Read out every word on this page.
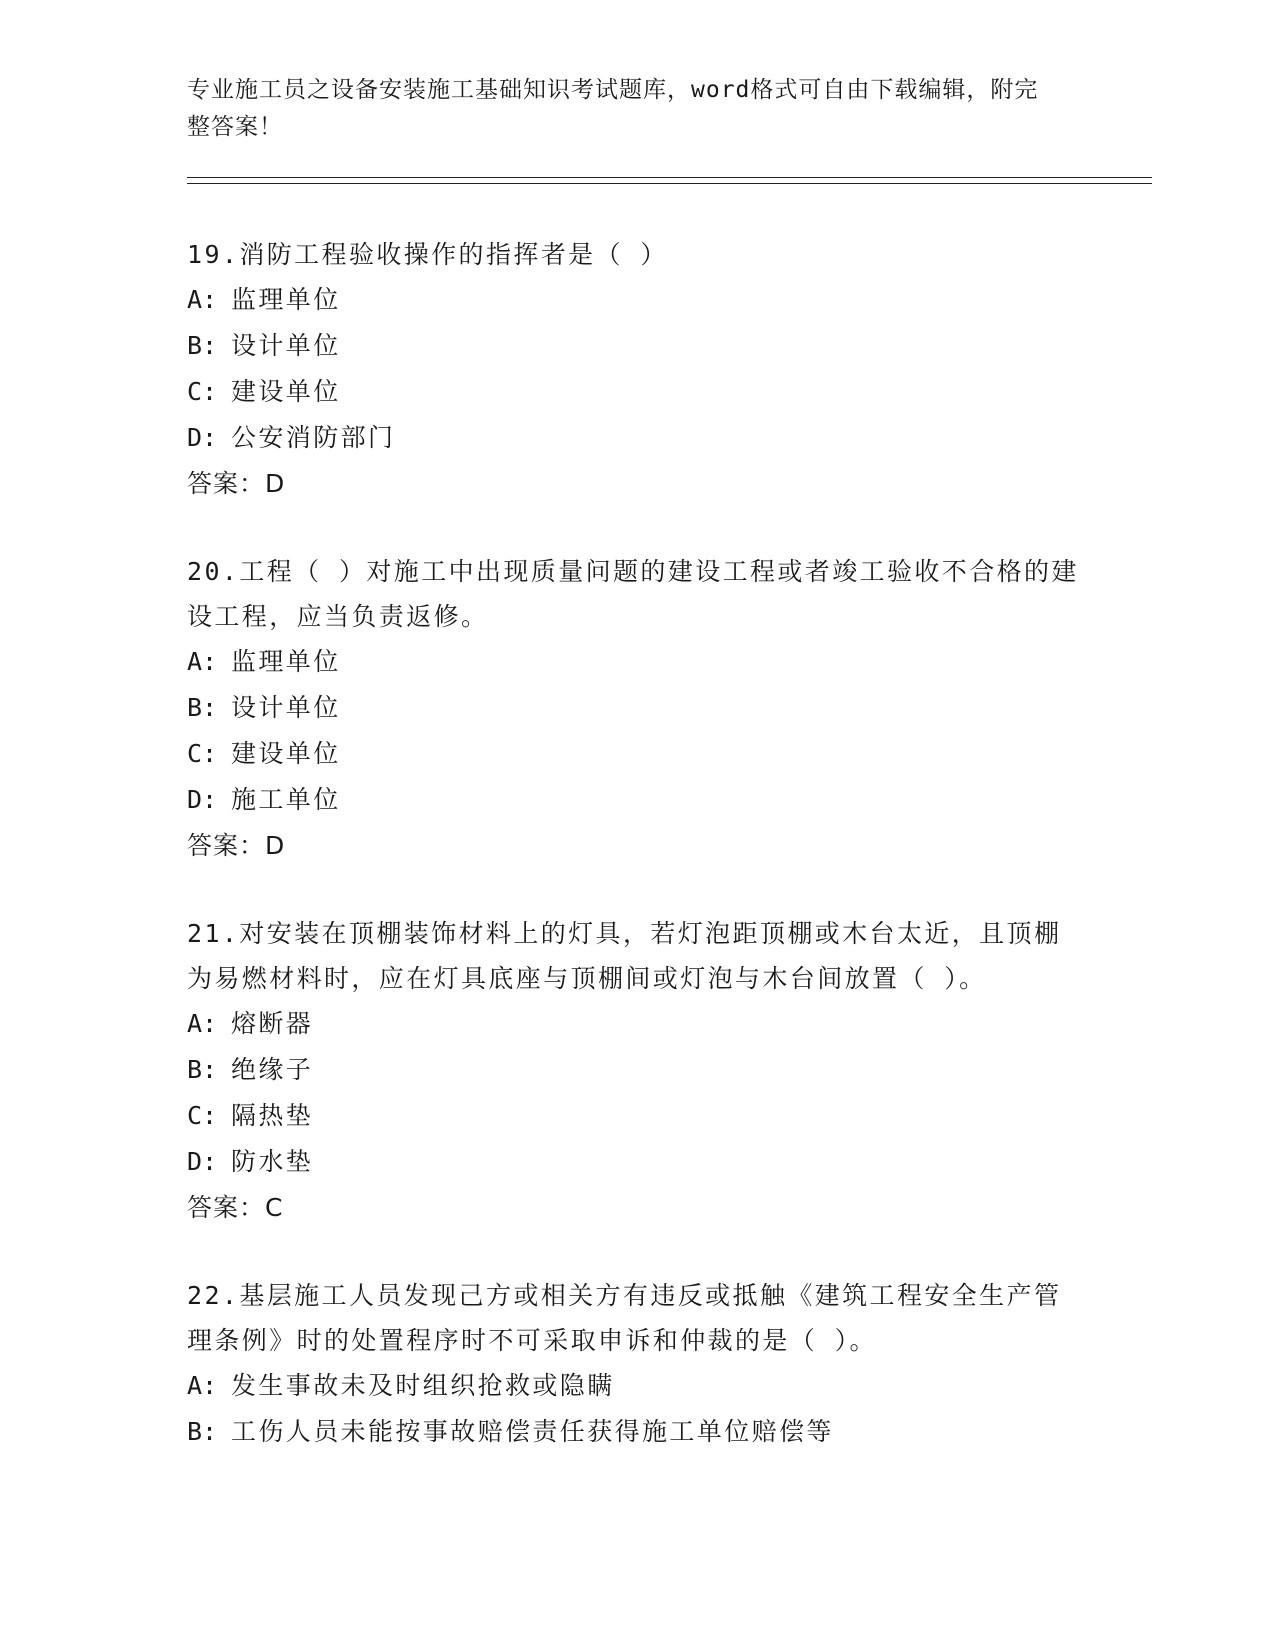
专业施工员之设备安装施工基础知识考试题库，word格式可自由下载编辑，附完
整答案！

19.消防工程验收操作的指挥者是（ ）

A: 监理单位

B: 设计单位

C: 建设单位

D: 公安消防部门

答案：D

20.工程（ ）对施工中出现质量问题的建设工程或者竣工验收不合格的建设工程，应当负责返修。

A: 监理单位

B: 设计单位

C: 建设单位

D: 施工单位

答案：D

21.对安装在顶棚装饰材料上的灯具，若灯泡距顶棚或木台太近，且顶棚为易燃材料时，应在灯具底座与顶棚间或灯泡与木台间放置（ ）。

A: 熔断器

B: 绝缘子

C: 隔热垫

D: 防水垫

答案：C

22.基层施工人员发现己方或相关方有违反或抵触《建筑工程安全生产管理条例》时的处置程序时不可采取申诉和仲裁的是（ ）。

A: 发生事故未及时组织抢救或隐瞒

B: 工伤人员未能按事故赔偿责任获得施工单位赔偿等
